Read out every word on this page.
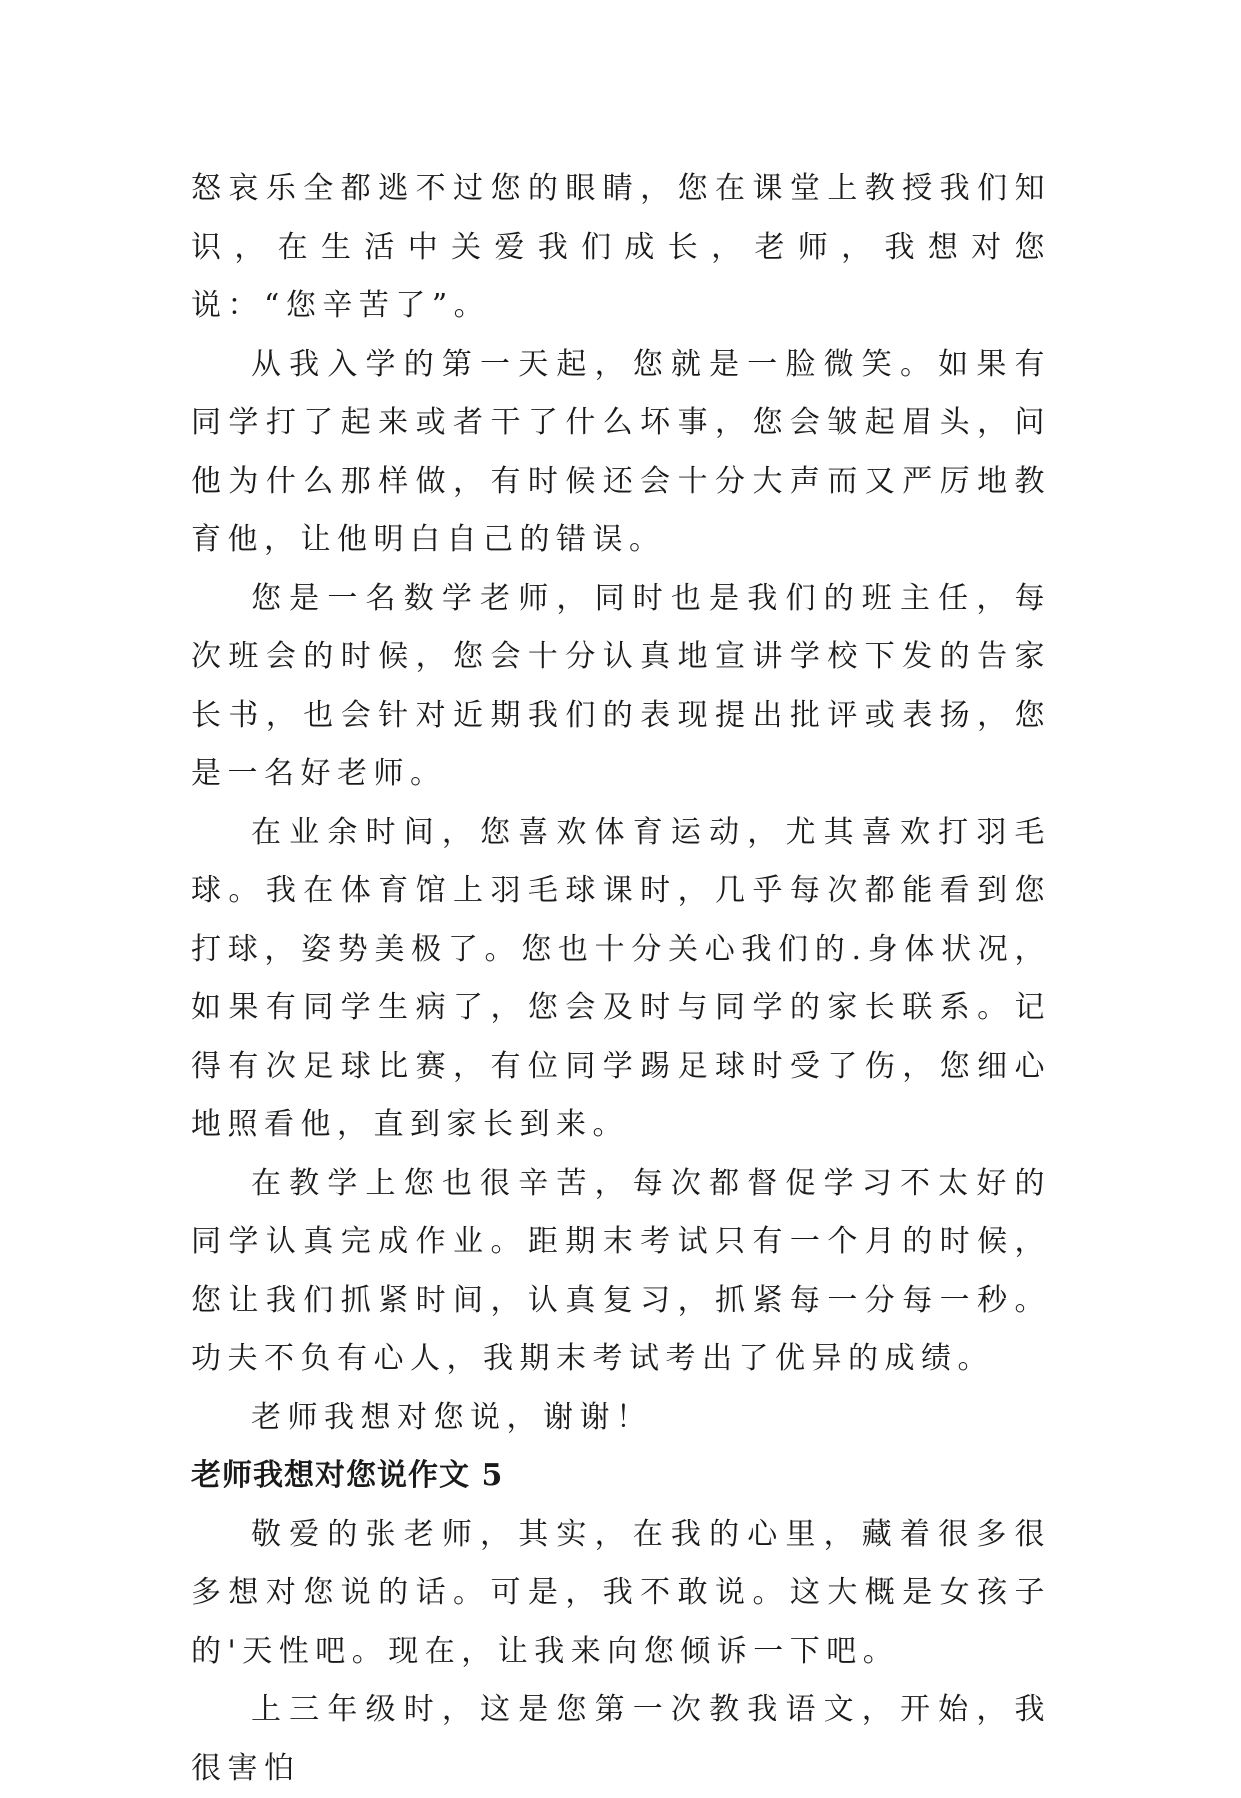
怒哀乐全都逃不过您的眼睛，您在课堂上教授我们知识，在生活中关爱我们成长，老师，我想对您说：“您辛苦了”。

从我入学的第一天起，您就是一脸微笑。如果有同学打了起来或者干了什么坏事，您会皱起眉头，问他为什么那样做，有时候还会十分大声而又严厉地教育他，让他明白自己的错误。

您是一名数学老师，同时也是我们的班主任，每次班会的时候，您会十分认真地宣讲学校下发的告家长书，也会针对近期我们的表现提出批评或表扬，您是一名好老师。

在业余时间，您喜欢体育运动，尤其喜欢打羽毛球。我在体育馆上羽毛球课时，几乎每次都能看到您打球，姿势美极了。您也十分关心我们的.身体状况，如果有同学生病了，您会及时与同学的家长联系。记得有次足球比赛，有位同学踢足球时受了伤，您细心地照看他，直到家长到来。

在教学上您也很辛苦，每次都督促学习不太好的同学认真完成作业。距期末考试只有一个月的时候，您让我们抓紧时间，认真复习，抓紧每一分每一秒。功夫不负有心人，我期末考试考出了优异的成绩。

老师我想对您说，谢谢！

老师我想对您说作文 5

敬爱的张老师，其实，在我的心里，藏着很多很多想对您说的话。可是，我不敢说。这大概是女孩子的'天性吧。现在，让我来向您倾诉一下吧。

上三年级时，这是您第一次教我语文，开始，我很害怕
